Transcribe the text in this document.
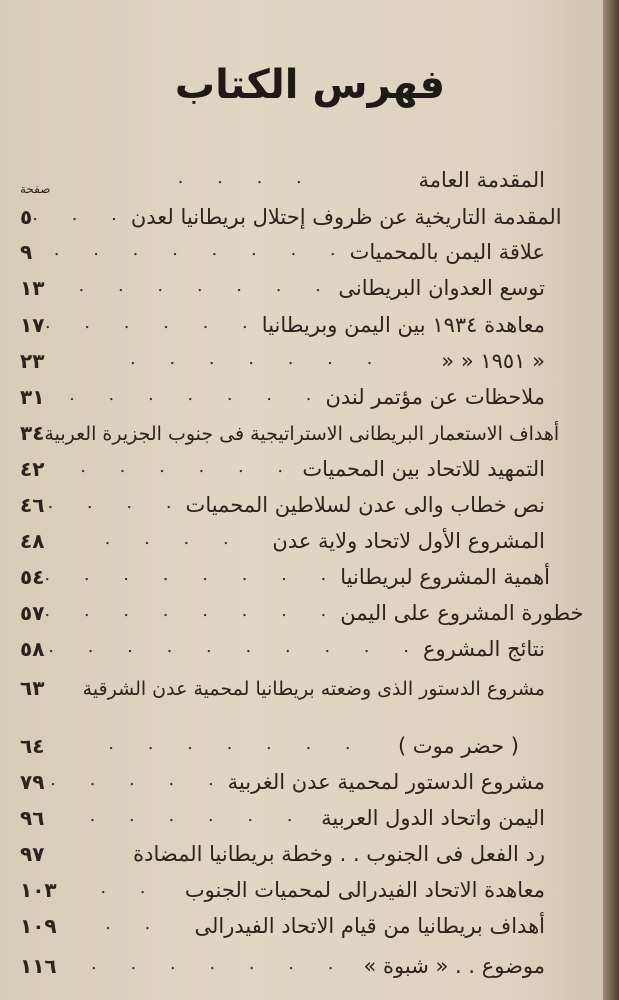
فهرس الكتاب
صفحة
. . . .	المقدمة العامة
٥ . . . المقدمة التاريخية عن ظروف إحتلال بريطانيا لعدن
٩	. . . . . . . . علاقة اليمن بالمحميات
١٣	. . . . . . . توسع العدوان البريطانى
١٧ . . . . . . معاهدة ١٩٣٤ بين اليمن وبريطانيا
٢٣	. . . . . . .	« ١٩٥١ « «
٣١	. . . . . . . ملاحظات عن مؤتمر لندن
٣٤ أهداف الاستعمار البريطانى الاستراتيجية فى جنوب الجزيرة العربية
٤٢	. . . . . . التمهيد للاتحاد بين المحميات
٤٦ . . . . نص خطاب والى عدن لسلاطين المحميات
٤٨	. . . .	المشروع الأول لاتحاد ولاية عدن
٥٤ . . . . . . . . أهمية المشروع لبريطانيا
٥٧ . . . . . . . . خطورة المشروع على اليمن
٥٨ . . . . . . . . . . نتائج المشروع
٦٣	مشروع الدستور الذى وضعته بريطانيا لمحمية عدن الشرقية
٦٤	. . . . . . .	( حضر موت )
٧٩ . . . . . مشروع الدستور لمحمية عدن الغربية
٩٦	. . . . . . اليمن واتحاد الدول العربية
٩٧	رد الفعل فى الجنوب . . وخطة بريطانيا المضادة
١٠٣	. .	معاهدة الاتحاد الفيدرالى لمحميات الجنوب
١٠٩	. .	أهداف بريطانيا من قيام الاتحاد الفيدرالى
١١٦	. . . . . . . موضوع . . « شبوة »
